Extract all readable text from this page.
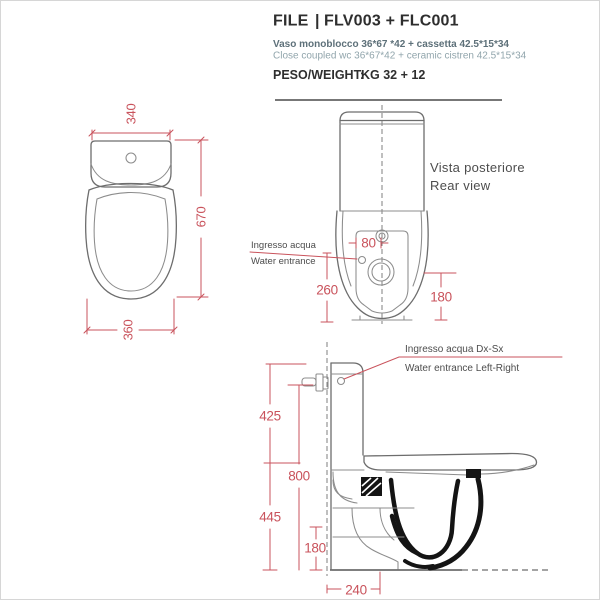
FILE | FLV003 + FLC001
Vaso monoblocco 36*67 *42 + cassetta 42.5*15*34
Close coupled wc 36*67*42 + ceramic cistren 42.5*15*34
PESO/WEIGHT:
KG 32 + 12
340
670
360
Vista posteriore
Rear view
Ingresso acqua
Water entrance
80
260	180
Ingresso acqua Dx-Sx
Water entrance Left-Right
425
445
800
180
240
